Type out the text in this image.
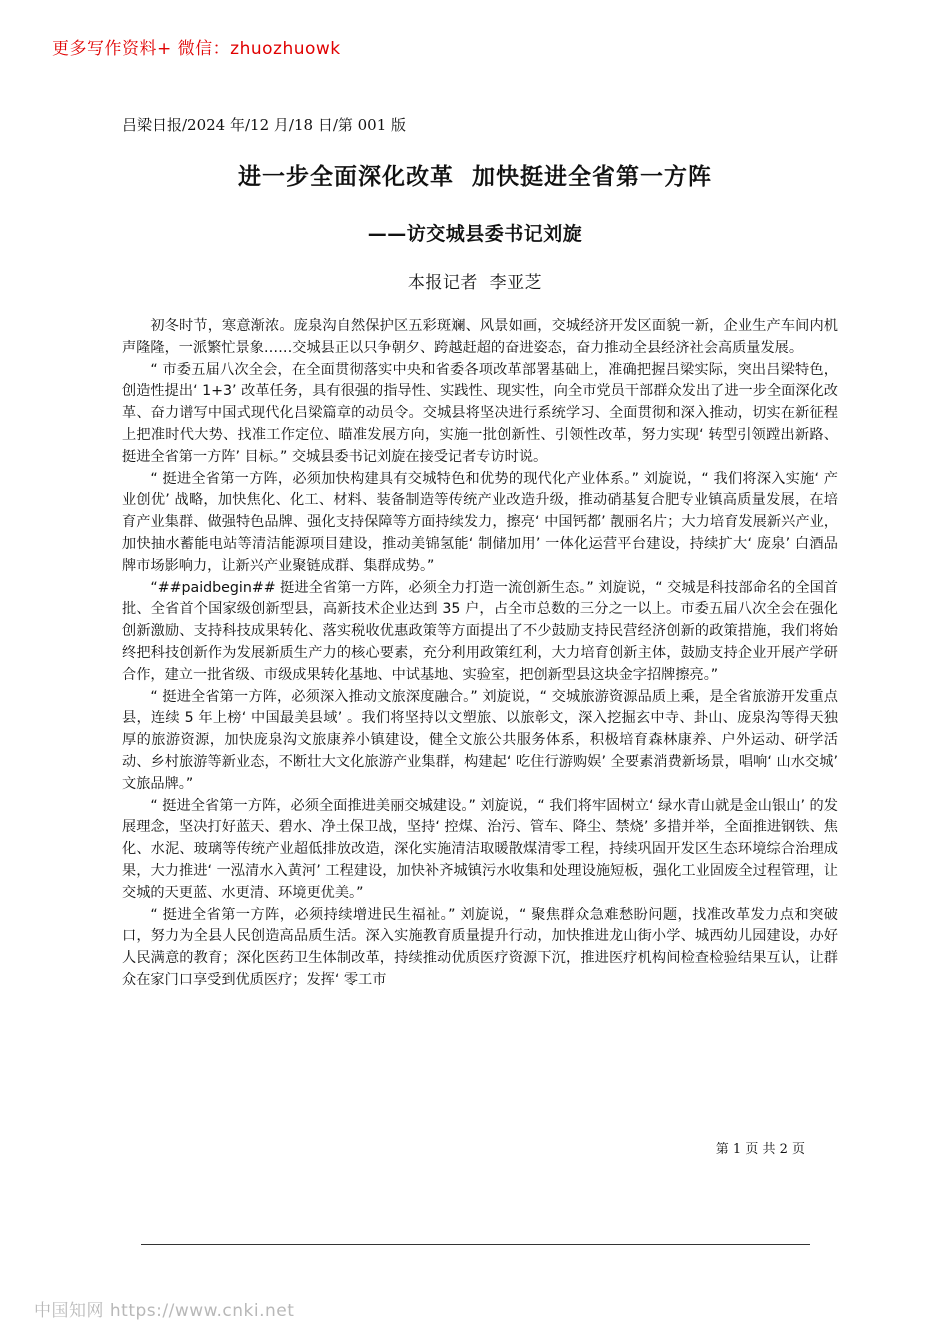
更多写作资料+ 微信：zhuozhuowk
吕梁日报/2024 年/12 月/18 日/第 001 版
进一步全面深化改革  加快挺进全省第一方阵
——访交城县委书记刘旋
本报记者  李亚芝

初冬时节，寒意渐浓。庞泉沟自然保护区五彩斑斓、风景如画，交城经济开发区面貌一新，企业生产车间内机声隆隆，一派繁忙景象……交城县正以只争朝夕、跨越赶超的奋进姿态，奋力推动全县经济社会高质量发展。

“ 市委五届八次全会，在全面贯彻落实中央和省委各项改革部署基础上，准确把握吕梁实际，突出吕梁特色，创造性提出‘ 1+3’ 改革任务，具有很强的指导性、实践性、现实性，向全市党员干部群众发出了进一步全面深化改革、奋力谱写中国式现代化吕梁篇章的动员令。交城县将坚决进行系统学习、全面贯彻和深入推动，切实在新征程上把准时代大势、找准工作定位、瞄准发展方向，实施一批创新性、引领性改革，努力实现‘ 转型引领蹚出新路、挺进全省第一方阵’ 目标。” 交城县委书记刘旋在接受记者专访时说。

“ 挺进全省第一方阵，必须加快构建具有交城特色和优势的现代化产业体系。” 刘旋说，“ 我们将深入实施‘ 产业创优’ 战略，加快焦化、化工、材料、装备制造等传统产业改造升级，推动硝基复合肥专业镇高质量发展，在培育产业集群、做强特色品牌、强化支持保障等方面持续发力，擦亮‘ 中国钙都’ 靓丽名片；大力培育发展新兴产业，加快抽水蓄能电站等清洁能源项目建设，推动美锦氢能‘ 制储加用’ 一体化运营平台建设，持续扩大‘ 庞泉’ 白酒品牌市场影响力，让新兴产业聚链成群、集群成势。”

“##paidbegin## 挺进全省第一方阵，必须全力打造一流创新生态。” 刘旋说，“ 交城是科技部命名的全国首批、全省首个国家级创新型县，高新技术企业达到 35 户，占全市总数的三分之一以上。市委五届八次全会在强化创新激励、支持科技成果转化、落实税收优惠政策等方面提出了不少鼓励支持民营经济创新的政策措施，我们将始终把科技创新作为发展新质生产力的核心要素，充分利用政策红利，大力培育创新主体，鼓励支持企业开展产学研合作，建立一批省级、市级成果转化基地、中试基地、实验室，把创新型县这块金字招牌擦亮。”

“ 挺进全省第一方阵，必须深入推动文旅深度融合。” 刘旋说，“ 交城旅游资源品质上乘，是全省旅游开发重点县，连续 5 年上榜‘ 中国最美县域’ 。我们将坚持以文塑旅、以旅彰文，深入挖掘玄中寺、卦山、庞泉沟等得天独厚的旅游资源，加快庞泉沟文旅康养小镇建设，健全文旅公共服务体系，积极培育森林康养、户外运动、研学活动、乡村旅游等新业态，不断壮大文化旅游产业集群，构建起‘ 吃住行游购娱’ 全要素消费新场景，唱响‘ 山水交城’ 文旅品牌。”

“ 挺进全省第一方阵，必须全面推进美丽交城建设。” 刘旋说，“ 我们将牢固树立‘ 绿水青山就是金山银山’ 的发展理念，坚决打好蓝天、碧水、净土保卫战，坚持‘ 控煤、治污、管车、降尘、禁烧’ 多措并举，全面推进钢铁、焦化、水泥、玻璃等传统产业超低排放改造，深化实施清洁取暖散煤清零工程，持续巩固开发区生态环境综合治理成果，大力推进‘ 一泓清水入黄河’ 工程建设，加快补齐城镇污水收集和处理设施短板，强化工业固废全过程管理，让交城的天更蓝、水更清、环境更优美。”

“ 挺进全省第一方阵，必须持续增进民生福祉。” 刘旋说，“ 聚焦群众急难愁盼问题，找准改革发力点和突破口，努力为全县人民创造高品质生活。深入实施教育质量提升行动，加快推进龙山街小学、城西幼儿园建设，办好人民满意的教育；深化医药卫生体制改革，持续推动优质医疗资源下沉，推进医疗机构间检查检验结果互认，让群众在家门口享受到优质医疗；发挥‘ 零工市

第 1 页 共 2 页
中国知网 https://www.cnki.net
